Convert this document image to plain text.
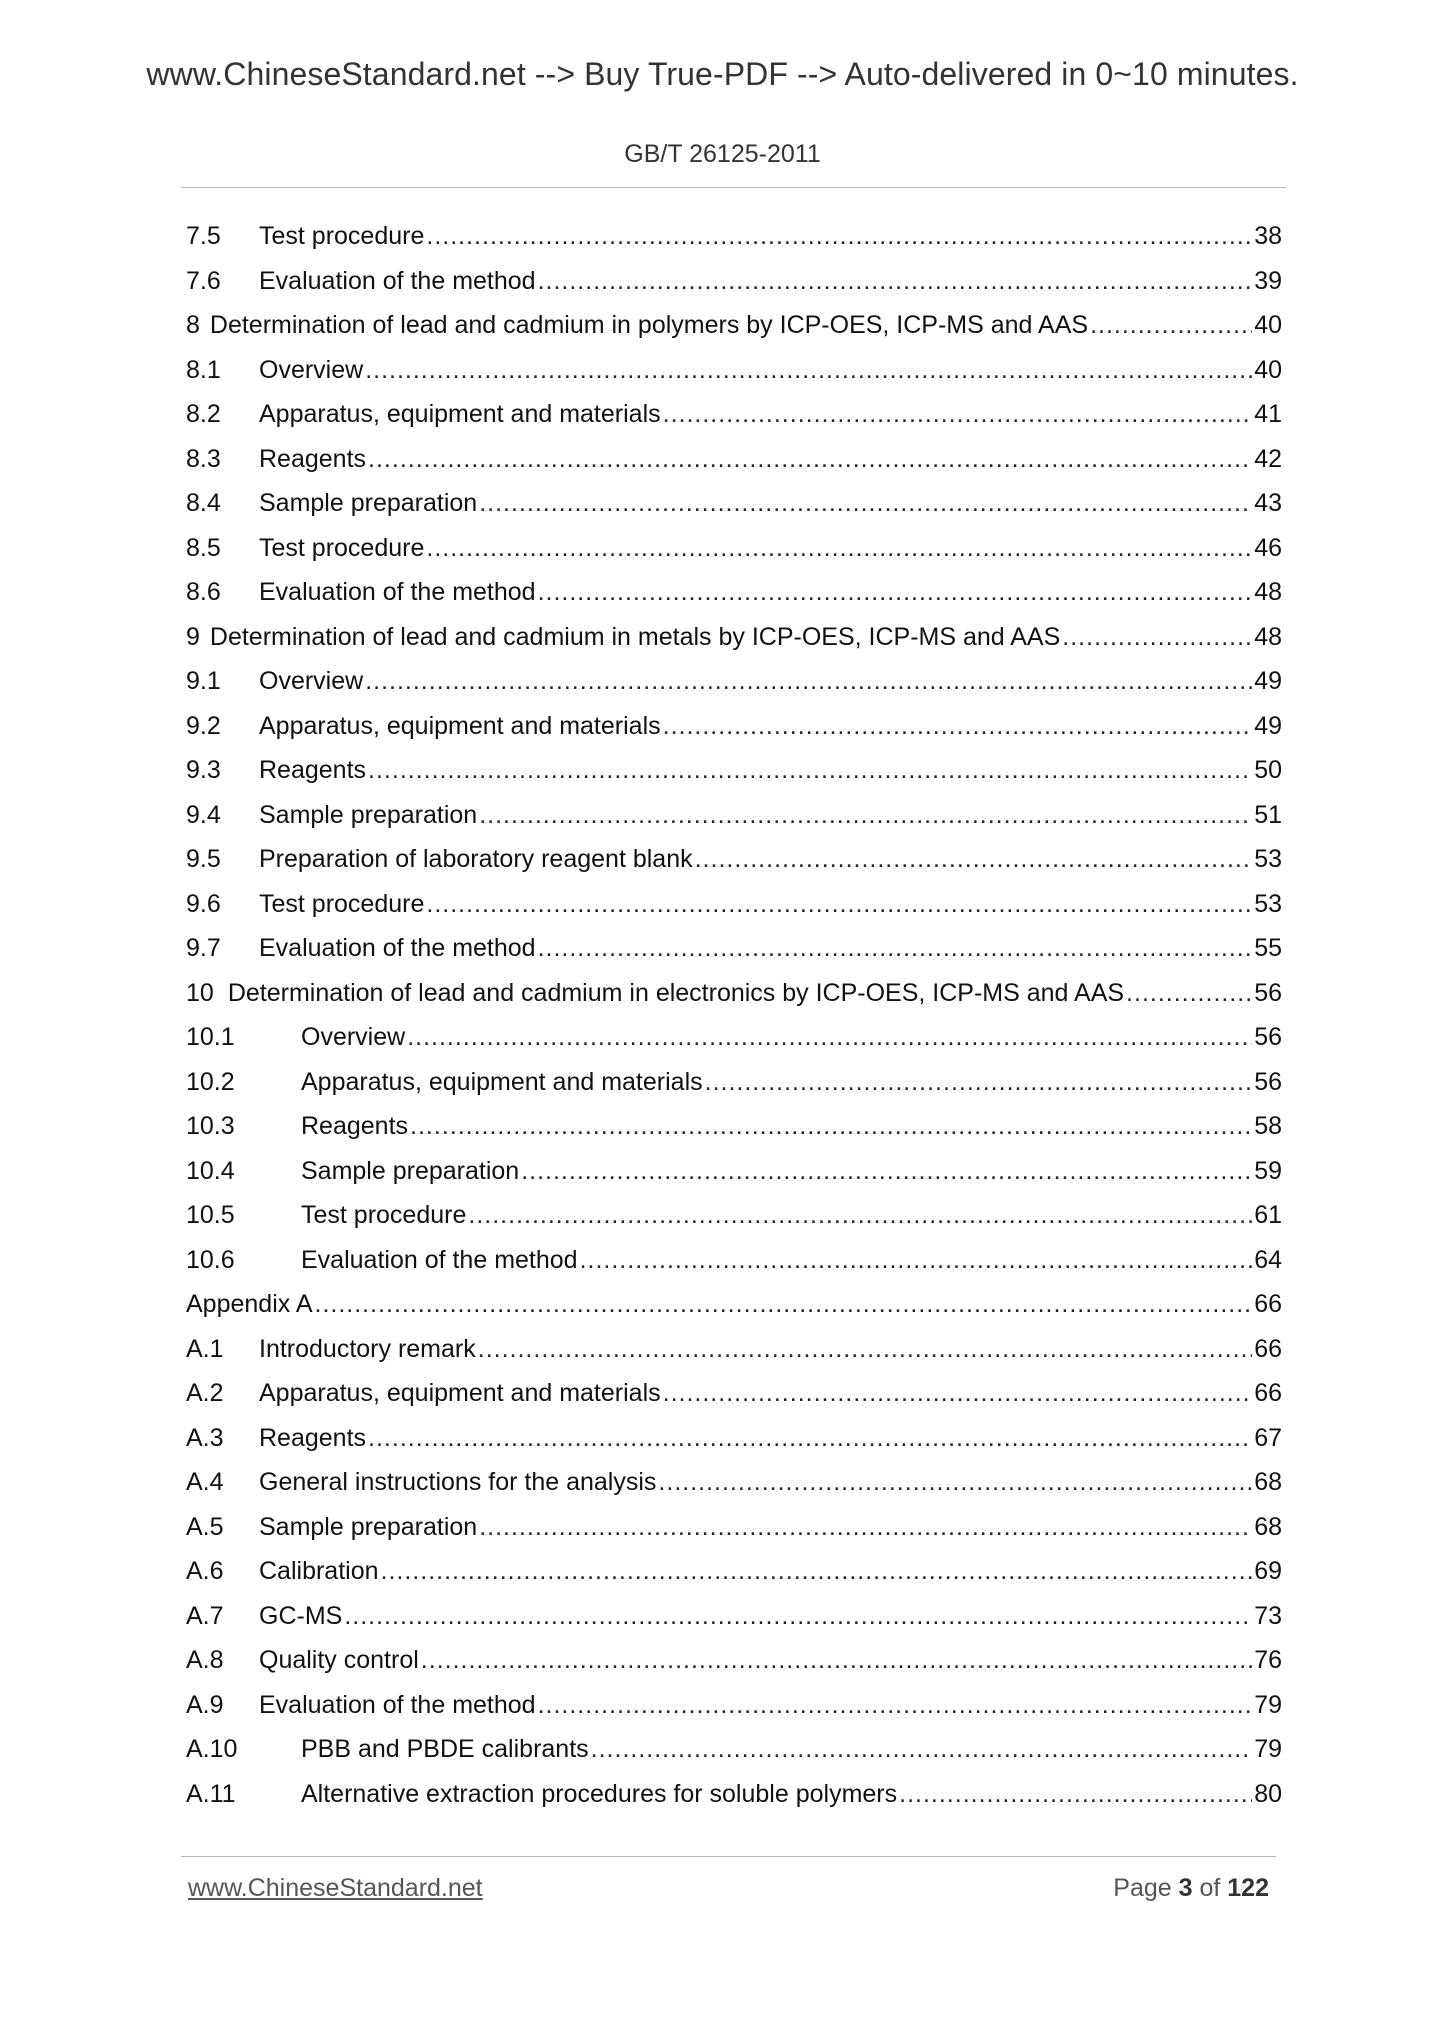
www.ChineseStandard.net --> Buy True-PDF --> Auto-delivered in 0~10 minutes.
GB/T 26125-2011
7.5	Test procedure .....	38
7.6	Evaluation of the method .....	39
8 Determination of lead and cadmium in polymers by ICP-OES, ICP-MS and AAS .....	40
8.1	Overview .....	40
8.2	Apparatus, equipment and materials .....	41
8.3	Reagents .....	42
8.4	Sample preparation .....	43
8.5	Test procedure .....	46
8.6	Evaluation of the method .....	48
9 Determination of lead and cadmium in metals by ICP-OES, ICP-MS and AAS .....	48
9.1	Overview .....	49
9.2	Apparatus, equipment and materials .....	49
9.3	Reagents .....	50
9.4	Sample preparation .....	51
9.5	Preparation of laboratory reagent blank .....	53
9.6	Test procedure .....	53
9.7	Evaluation of the method .....	55
10 Determination of lead and cadmium in electronics by ICP-OES, ICP-MS and AAS .....	56
10.1	Overview .....	56
10.2	Apparatus, equipment and materials .....	56
10.3	Reagents .....	58
10.4	Sample preparation .....	59
10.5	Test procedure .....	61
10.6	Evaluation of the method .....	64
Appendix A .....	66
A.1	Introductory remark .....	66
A.2	Apparatus, equipment and materials .....	66
A.3	Reagents .....	67
A.4	General instructions for the analysis .....	68
A.5	Sample preparation .....	68
A.6	Calibration .....	69
A.7	GC-MS .....	73
A.8	Quality control .....	76
A.9	Evaluation of the method .....	79
A.10	PBB and PBDE calibrants .....	79
A.11	Alternative extraction procedures for soluble polymers .....	80
www.ChineseStandard.net	Page 3 of 122
